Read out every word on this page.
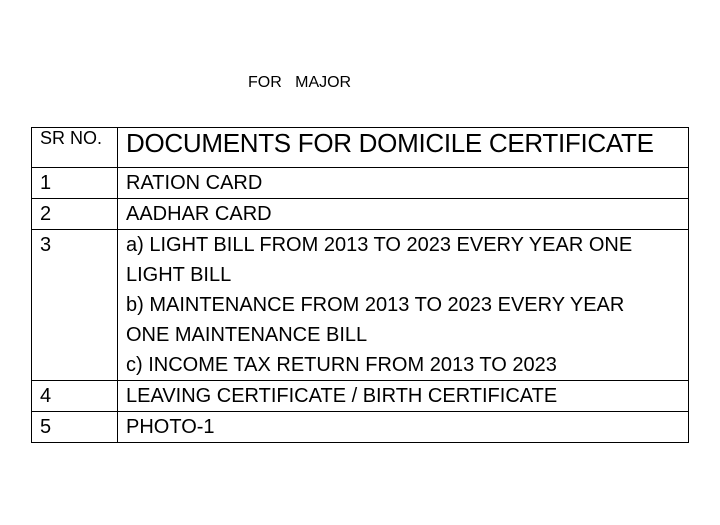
FOR   MAJOR
SR NO.	DOCUMENTS FOR DOMICILE CERTIFICATE
1	RATION CARD

2	AADHAR CARD

3	a) LIGHT BILL FROM 2013 TO 2023 EVERY YEAR ONE
LIGHT BILL
b) MAINTENANCE FROM 2013 TO 2023 EVERY YEAR
ONE MAINTENANCE BILL
c) INCOME TAX RETURN FROM 2013 TO 2023

4	LEAVING CERTIFICATE / BIRTH CERTIFICATE

5	PHOTO-1
